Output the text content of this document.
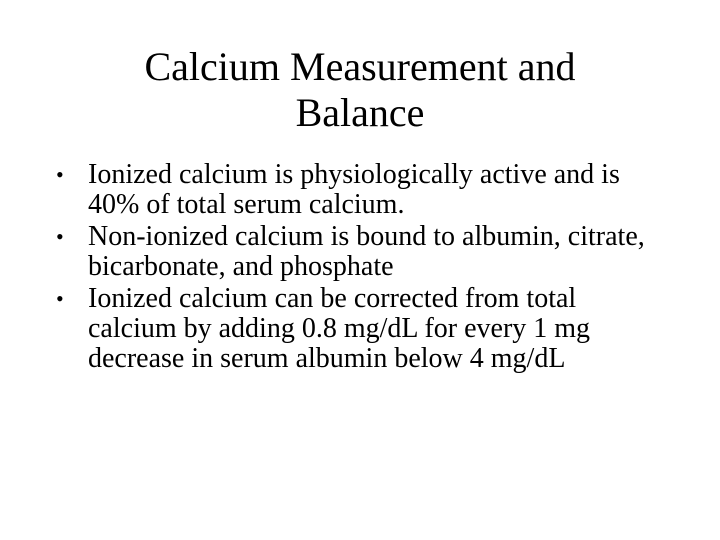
Calcium Measurement and
Balance
• Ionized calcium is physiologically active and is 40% of total serum calcium.
• Non-ionized calcium is bound to albumin, citrate, bicarbonate, and phosphate
• Ionized calcium can be corrected from total calcium by adding 0.8 mg/dL for every 1 mg decrease in serum albumin below 4 mg/dL
